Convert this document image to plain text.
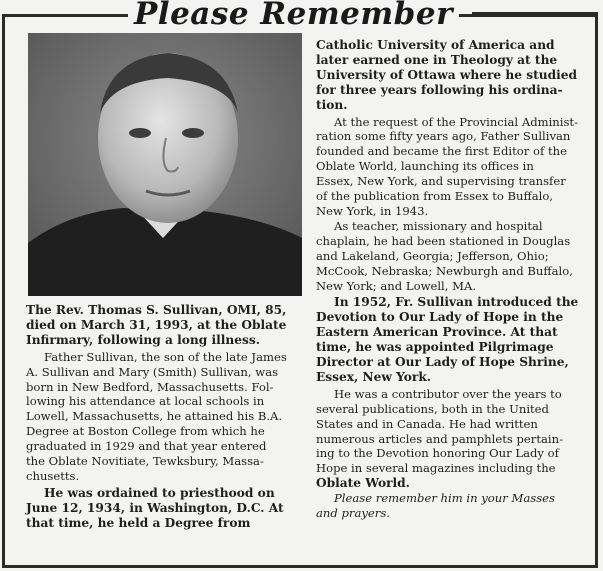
Please Remember

The Rev. Thomas S. Sullivan, OMI, 85,
died on March 31, 1993, at the Oblate
Infirmary, following a long illness.

Father Sullivan, the son of the late James
A. Sullivan and Mary (Smith) Sullivan, was
born in New Bedford, Massachusetts. Fol-
lowing his attendance at local schools in
Lowell, Massachusetts, he attained his B.A.
Degree at Boston College from which he
graduated in 1929 and that year entered
the Oblate Novitiate, Tewksbury, Massa-
chusetts.

He was ordained to priesthood on
June 12, 1934, in Washington, D.C. At
that time, he held a Degree from

Catholic University of America and
later earned one in Theology at the
University of Ottawa where he studied
for three years following his ordina-
tion.

At the request of the Provincial Administ-
ration some fifty years ago, Father Sullivan
founded and became the first Editor of the
Oblate World, launching its offices in
Essex, New York, and supervising transfer
of the publication from Essex to Buffalo,
New York, in 1943.

As teacher, missionary and hospital
chaplain, he had been stationed in Douglas
and Lakeland, Georgia; Jefferson, Ohio;
McCook, Nebraska; Newburgh and Buffalo,
New York; and Lowell, MA.

In 1952, Fr. Sullivan introduced the
Devotion to Our Lady of Hope in the
Eastern American Province. At that
time, he was appointed Pilgrimage
Director at Our Lady of Hope Shrine,
Essex, New York.

He was a contributor over the years to
several publications, both in the United
States and in Canada. He had written
numerous articles and pamphlets pertain-
ing to the Devotion honoring Our Lady of
Hope in several magazines including the
Oblate World.

Please remember him in your Masses
and prayers.
